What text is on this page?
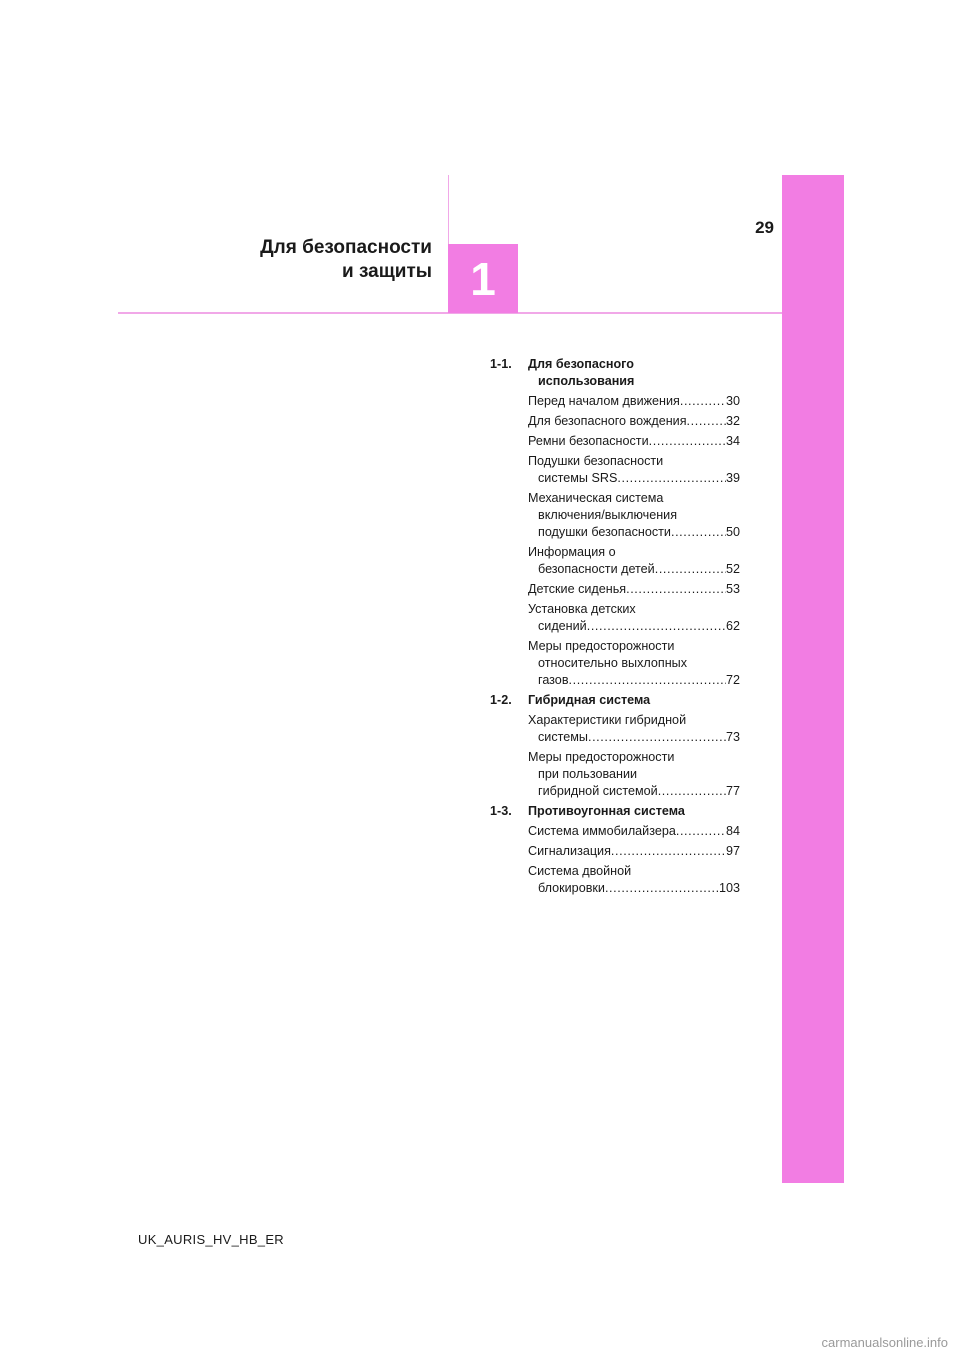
29
Для безопасности
и защиты 1
1-1.	Для безопасного
использования
Перед началом движения .....	30
Для безопасного вождения .....	32
Ремни безопасности .....	34
Подушки безопасности
системы SRS .....	39
Механическая система
включения/выключения
подушки безопасности .....	50
Информация о
безопасности детей .....	52
Детские сиденья .....	53
Установка детских
сидений .....	62
Меры предосторожности
относительно выхлопных
газов .....	72
1-2.	Гибридная система
Характеристики гибридной
системы .....	73
Меры предосторожности
при пользовании
гибридной системой .....	77
1-3.	Противоугонная система
Система иммобилайзера .....	84
Сигнализация .....	97
Система двойной
блокировки .....	103
UK_AURIS_HV_HB_ER
carmanualsonline.info
